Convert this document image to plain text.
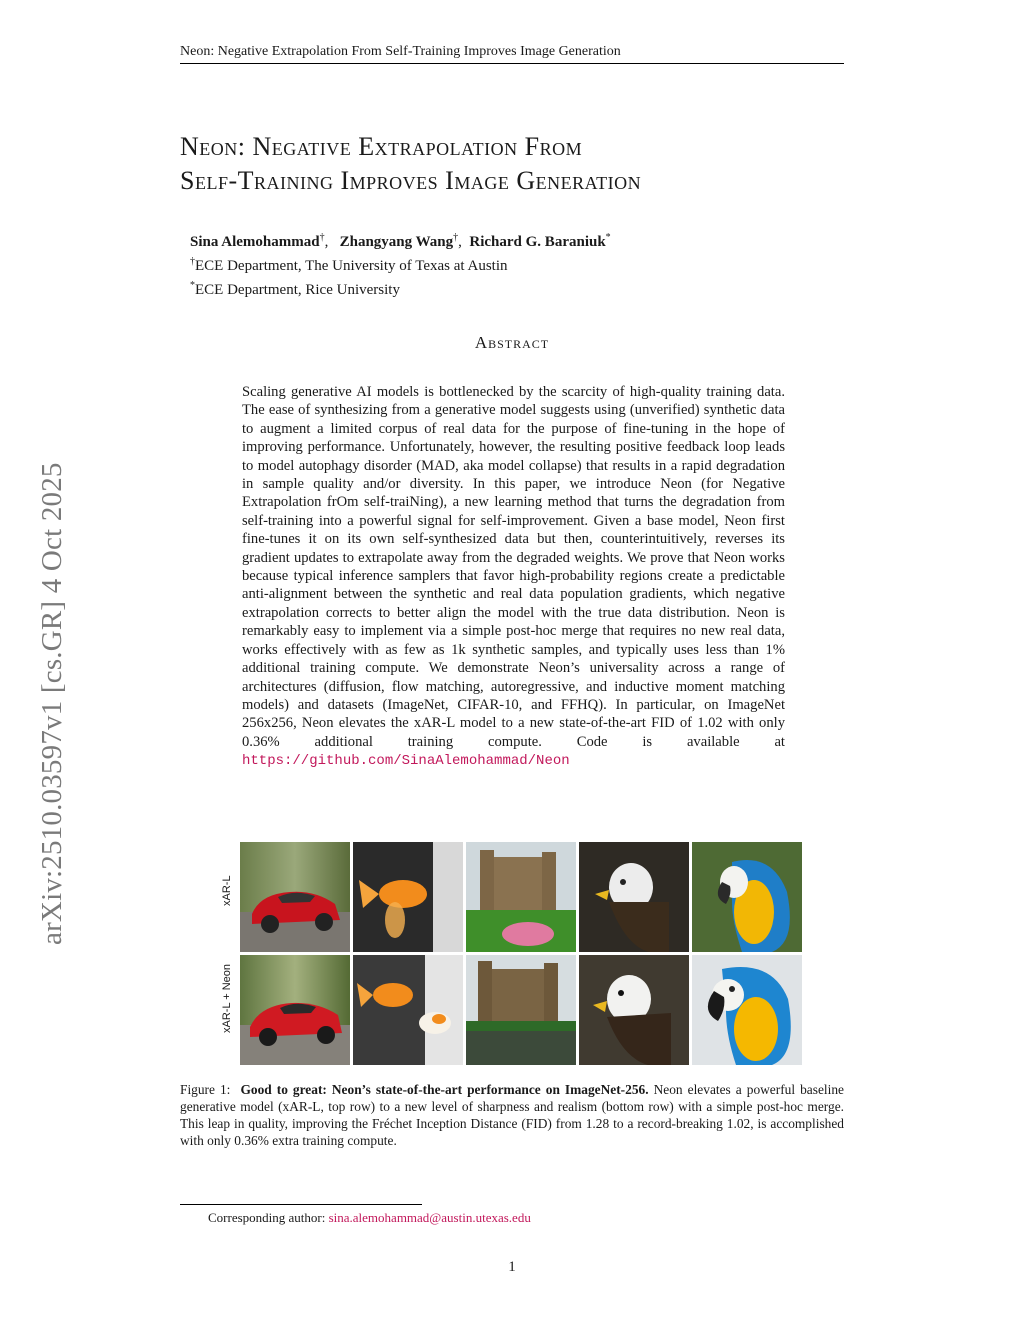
Neon: Negative Extrapolation From Self-Training Improves Image Generation
arXiv:2510.03597v1 [cs.GR] 4 Oct 2025
Neon: Negative Extrapolation From
Self-Training Improves Image Generation
Sina Alemohammad†, Zhangyang Wang†, Richard G. Baraniuk*
†ECE Department, The University of Texas at Austin
*ECE Department, Rice University
Abstract
Scaling generative AI models is bottlenecked by the scarcity of high-quality training data. The ease of synthesizing from a generative model suggests using (unverified) synthetic data to augment a limited corpus of real data for the purpose of fine-tuning in the hope of improving performance. Unfortunately, however, the resulting positive feedback loop leads to model autophagy disorder (MAD, aka model collapse) that results in a rapid degradation in sample quality and/or diversity. In this paper, we introduce Neon (for Negative Extrapolation frOm self-traiNing), a new learning method that turns the degradation from self-training into a powerful signal for self-improvement. Given a base model, Neon first fine-tunes it on its own self-synthesized data but then, counterintuitively, reverses its gradient updates to extrapolate away from the degraded weights. We prove that Neon works because typical inference samplers that favor high-probability regions create a predictable anti-alignment between the synthetic and real data population gradients, which negative extrapolation corrects to better align the model with the true data distribution. Neon is remarkably easy to implement via a simple post-hoc merge that requires no new real data, works effectively with as few as 1k synthetic samples, and typically uses less than 1% additional training compute. We demonstrate Neon’s universality across a range of architectures (diffusion, flow matching, autoregressive, and inductive moment matching models) and datasets (ImageNet, CIFAR-10, and FFHQ). In particular, on ImageNet 256x256, Neon elevates the xAR-L model to a new state-of-the-art FID of 1.02 with only 0.36% additional training compute. Code is available at https://github.com/SinaAlemohammad/Neon
xAR-L
xAR-L + Neon
Figure 1: Good to great: Neon’s state-of-the-art performance on ImageNet-256. Neon elevates a powerful baseline generative model (xAR-L, top row) to a new level of sharpness and realism (bottom row) with a simple post-hoc merge. This leap in quality, improving the Fréchet Inception Distance (FID) from 1.28 to a record-breaking 1.02, is accomplished with only 0.36% extra training compute.
Corresponding author: sina.alemohammad@austin.utexas.edu
1
